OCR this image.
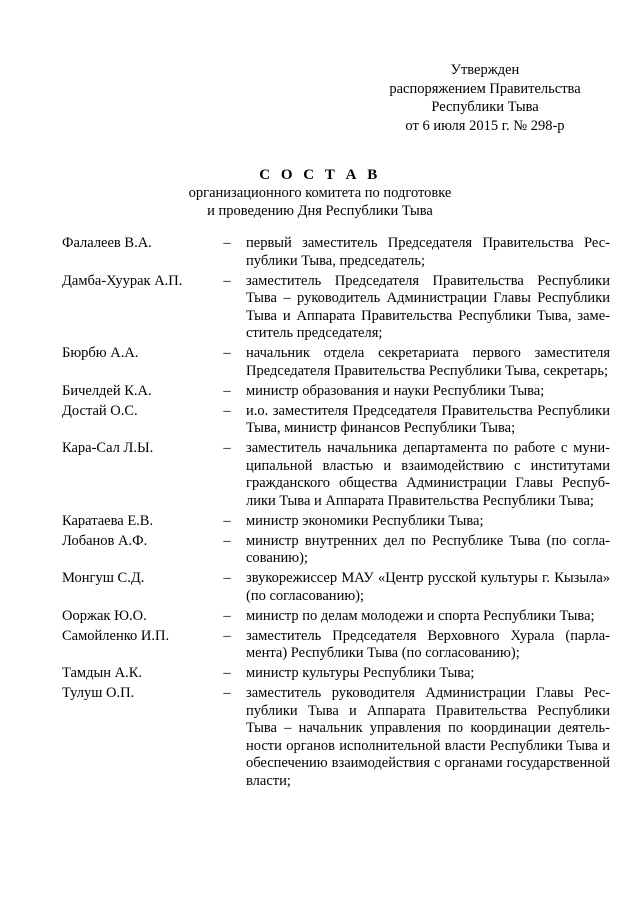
Утвержден
распоряжением Правительства
Республики Тыва
от 6 июля 2015 г. № 298-р
С О С Т А В
организационного комитета по подготовке
и проведению Дня Республики Тыва
Фалалеев В.А.	–	первый заместитель Председателя Правительства Республики Тыва, председатель;
Дамба-Хуурак А.П.	–	заместитель Председателя Правительства Республики Тыва – руководитель Администрации Главы Республики Тыва и Аппарата Правительства Республики Тыва, заместитель председателя;
Бюрбю А.А.	–	начальник отдела секретариата первого заместителя Председателя Правительства Республики Тыва, секретарь;
Бичелдей К.А.	–	министр образования и науки Республики Тыва;
Достай О.С.	–	и.о. заместителя Председателя Правительства Республики Тыва, министр финансов Республики Тыва;
Кара-Сал Л.Ы.	–	заместитель начальника департамента по работе с муниципальной властью и взаимодействию с институтами гражданского общества Администрации Главы Республики Тыва и Аппарата Правительства Республики Тыва;
Каратаева Е.В.	–	министр экономики Республики Тыва;
Лобанов А.Ф.	–	министр внутренних дел по Республике Тыва (по согласованию);
Монгуш С.Д.	–	звукорежиссер МАУ «Центр русской культуры г. Кызыла» (по согласованию);
Ооржак Ю.О.	–	министр по делам молодежи и спорта Республики Тыва;
Самойленко И.П.	–	заместитель Председателя Верховного Хурала (парламента) Республики Тыва (по согласованию);
Тамдын А.К.	–	министр культуры Республики Тыва;
Тулуш О.П.	–	заместитель руководителя Администрации Главы Республики Тыва и Аппарата Правительства Республики Тыва – начальник управления по координации деятельности органов исполнительной власти Республики Тыва и обеспечению взаимодействия с органами государственной власти;
